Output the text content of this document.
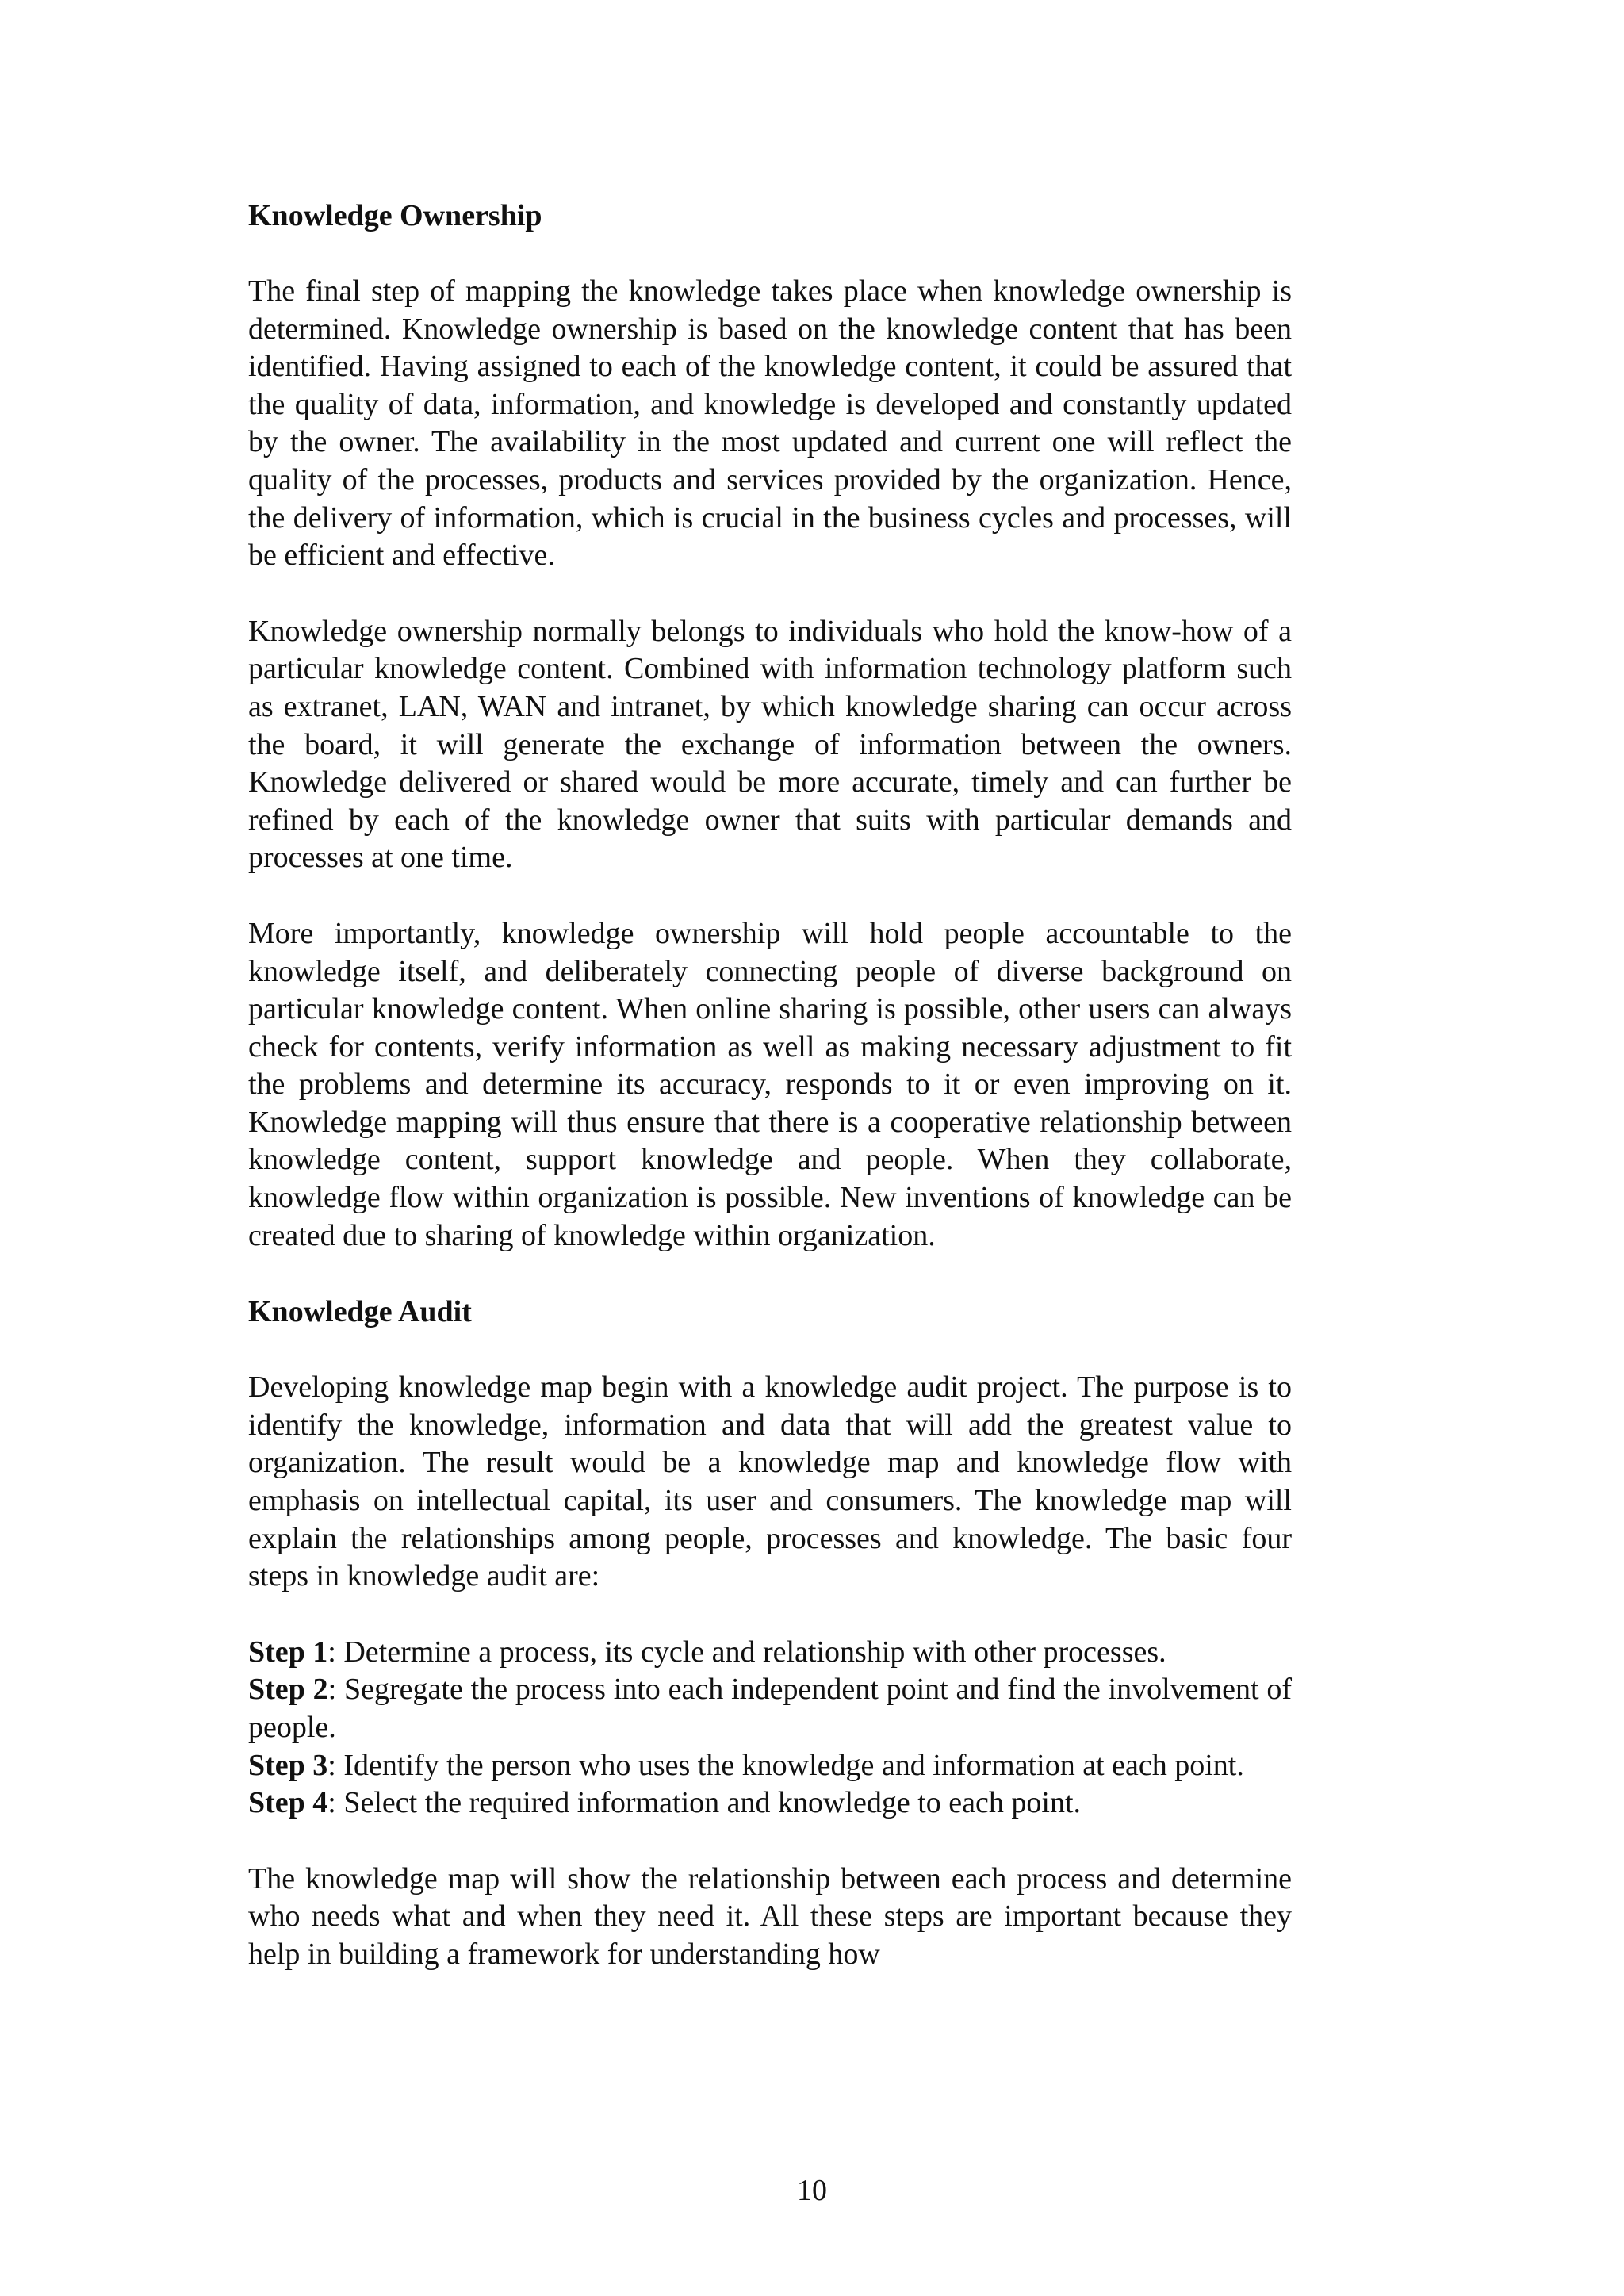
Knowledge Ownership

The final step of mapping the knowledge takes place when knowledge ownership is determined. Knowledge ownership is based on the knowledge content that has been identified. Having assigned to each of the knowledge content, it could be assured that the quality of data, information, and knowledge is developed and constantly updated by the owner. The availability in the most updated and current one will reflect the quality of the processes, products and services provided by the organization. Hence, the delivery of information, which is crucial in the business cycles and processes, will be efficient and effective.

Knowledge ownership normally belongs to individuals who hold the know-how of a particular knowledge content. Combined with information technology platform such as extranet, LAN, WAN and intranet, by which knowledge sharing can occur across the board, it will generate the exchange of information between the owners. Knowledge delivered or shared would be more accurate, timely and can further be refined by each of the knowledge owner that suits with particular demands and processes at one time.

More importantly, knowledge ownership will hold people accountable to the knowledge itself, and deliberately connecting people of diverse background on particular knowledge content. When online sharing is possible, other users can always check for contents, verify information as well as making necessary adjustment to fit the problems and determine its accuracy, responds to it or even improving on it. Knowledge mapping will thus ensure that there is a cooperative relationship between knowledge content, support knowledge and people. When they collaborate, knowledge flow within organization is possible. New inventions of knowledge can be created due to sharing of knowledge within organization.

Knowledge Audit

Developing knowledge map begin with a knowledge audit project. The purpose is to identify the knowledge, information and data that will add the greatest value to organization. The result would be a knowledge map and knowledge flow with emphasis on intellectual capital, its user and consumers. The knowledge map will explain the relationships among people, processes and knowledge. The basic four steps in knowledge audit are:

Step 1: Determine a process, its cycle and relationship with other processes.

Step 2: Segregate the process into each independent point and find the involvement of people.

Step 3: Identify the person who uses the knowledge and information at each point.

Step 4: Select the required information and knowledge to each point.

The knowledge map will show the relationship between each process and determine who needs what and when they need it. All these steps are important because they help in building a framework for understanding how

10
